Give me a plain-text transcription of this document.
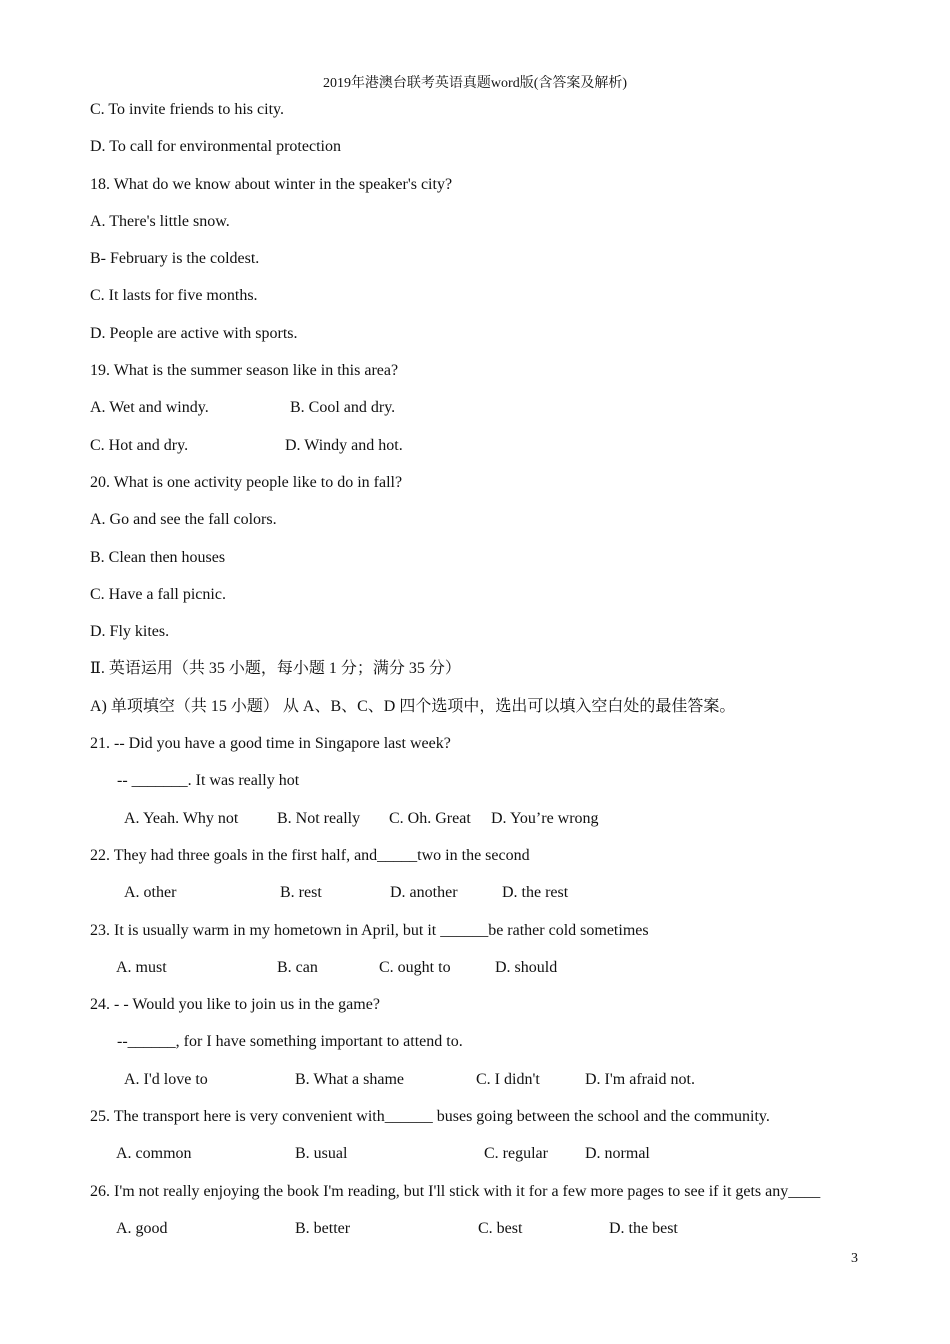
2019年港澳台联考英语真题word版(含答案及解析)
C. To invite friends to his city.
D. To call for environmental protection
18. What do we know about winter in the speaker's city?
A. There's little snow.
B- February is the coldest.
C. It lasts for five months.
D. People are active with sports.
19. What is the summer season like in this area?
A. Wet and windy.	B. Cool and dry.
C. Hot and dry.	D. Windy and hot.
20. What is one activity people like to do in fall?
A. Go and see the fall colors.
B. Clean then houses
C. Have a fall picnic.
D. Fly kites.
Ⅱ. 英语运用（共 35 小题，每小题 1 分；满分 35 分）
A) 单项填空（共 15 小题） 从 A、B、C、D 四个选项中，选出可以填入空白处的最佳答案。
21. -- Did you have a good time in Singapore last week?
-- _______. It was really hot
A. Yeah. Why not B. Not really C. Oh. Great D. You’re wrong
22. They had three goals in the first half, and_____two in the second
A. other	B. rest	D. another	D. the rest
23. It is usually warm in my hometown in April, but it ______be rather cold sometimes
A. must	B. can	C. ought to	D. should
24. - - Would you like to join us in the game?
--______, for I have something important to attend to.
A. I'd love to	B. What a shame	C. I didn't	D. I'm afraid not.
25. The transport here is very convenient with______ buses going between the school and the community.
A. common	B. usual	C. regular D. normal
26. I'm not really enjoying the book I'm reading, but I'll stick with it for a few more pages to see if it gets any____
A. good	B. better	C. best	D. the best
3
